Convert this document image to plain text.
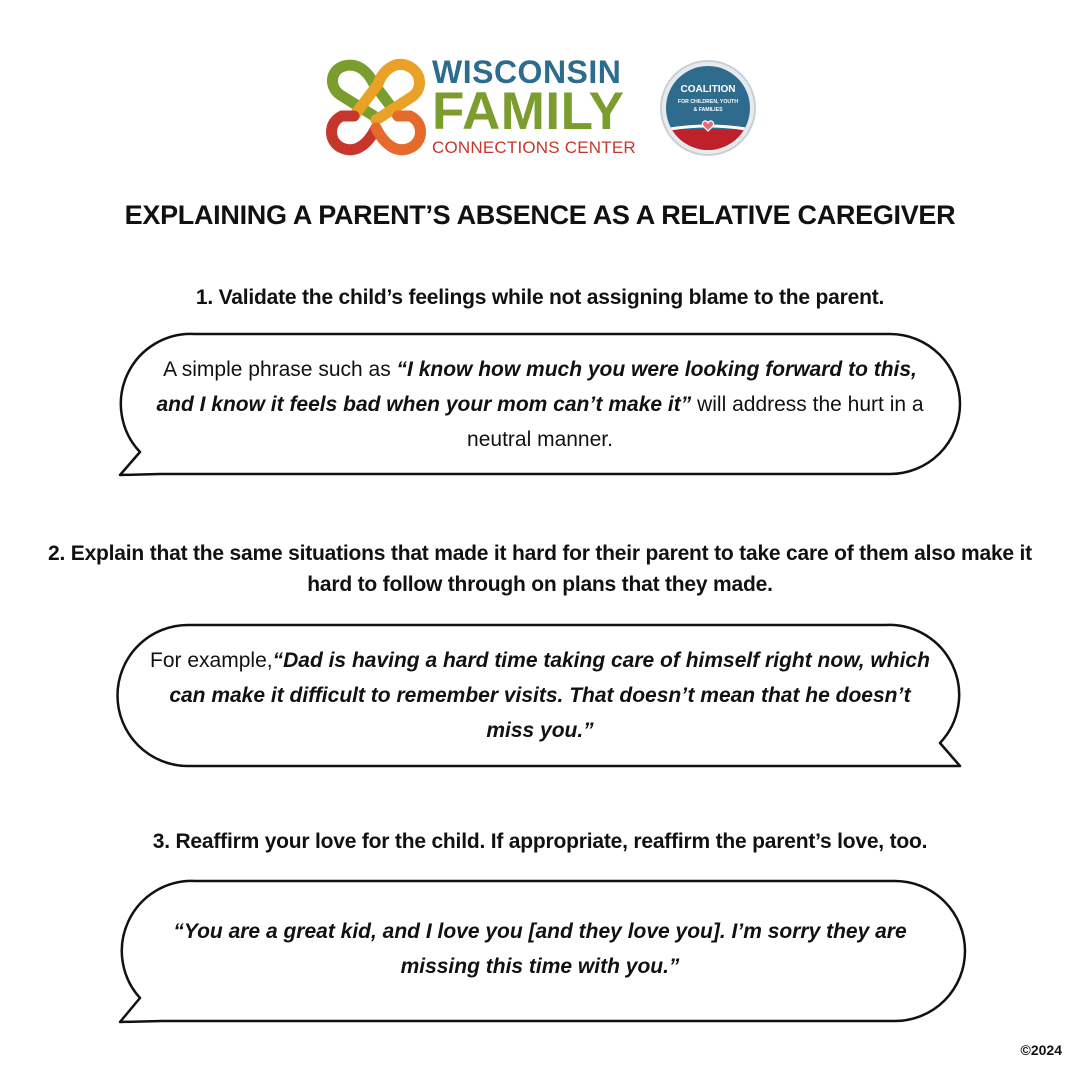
WISCONSIN
FAMILY
CONNECTIONS CENTER
COALITION
FOR CHILDREN, YOUTH
& FAMILIES
EXPLAINING A PARENT’S ABSENCE AS A RELATIVE CAREGIVER
1. Validate the child’s feelings while not assigning blame to the parent.
2. Explain that the same situations that made it hard for their parent to take care of them also make it hard to follow through on plans that they made.
3. Reaffirm your love for the child. If appropriate, reaffirm the parent’s love, too.
A simple phrase such as “I know how much you were looking forward to this, and I know it feels bad when your mom can’t make it” will address the hurt in a neutral manner.
For example,“Dad is having a hard time taking care of himself right now, which can make it difficult to remember visits. That doesn’t mean that he doesn’t miss you.”
“You are a great kid, and I love you [and they love you]. I’m sorry they are missing this time with you.”
©2024
